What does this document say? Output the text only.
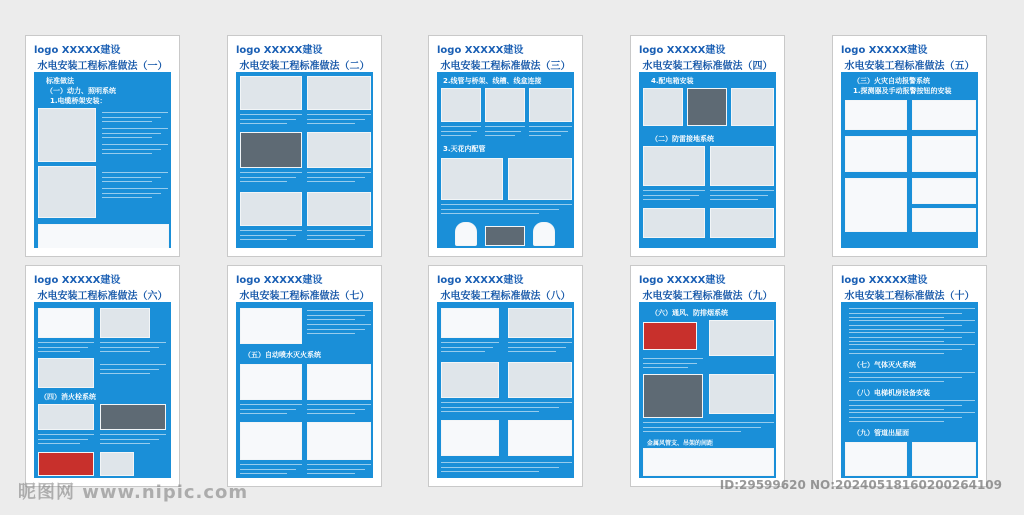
logo XXXXX建设
水电安装工程标准做法（一）
标准做法
（一）动力、照明系统
1.电缆桥架安装：
logo XXXXX建设
水电安装工程标准做法（二）
logo XXXXX建设
水电安装工程标准做法（三）
2.线管与桥架、线槽、线盒连接
3.天花内配管
logo XXXXX建设
水电安装工程标准做法（四）
4.配电箱安装
（二）防雷接地系统
logo XXXXX建设
水电安装工程标准做法（五）
（三）火灾自动报警系统
1.探测器及手动报警按钮的安装
logo XXXXX建设
水电安装工程标准做法（六）
（四）消火栓系统
logo XXXXX建设
水电安装工程标准做法（七）
（五）自动喷水灭火系统
logo XXXXX建设
水电安装工程标准做法（八）
logo XXXXX建设
水电安装工程标准做法（九）
（六）通风、防排烟系统
金属风管支、吊架的间距
logo XXXXX建设
水电安装工程标准做法（十）
（七）气体灭火系统
（八）电梯机房设备安装
（九）管道出屋面
昵图网 www.nipic.com	ID:29599620 NO:20240518160200264109
